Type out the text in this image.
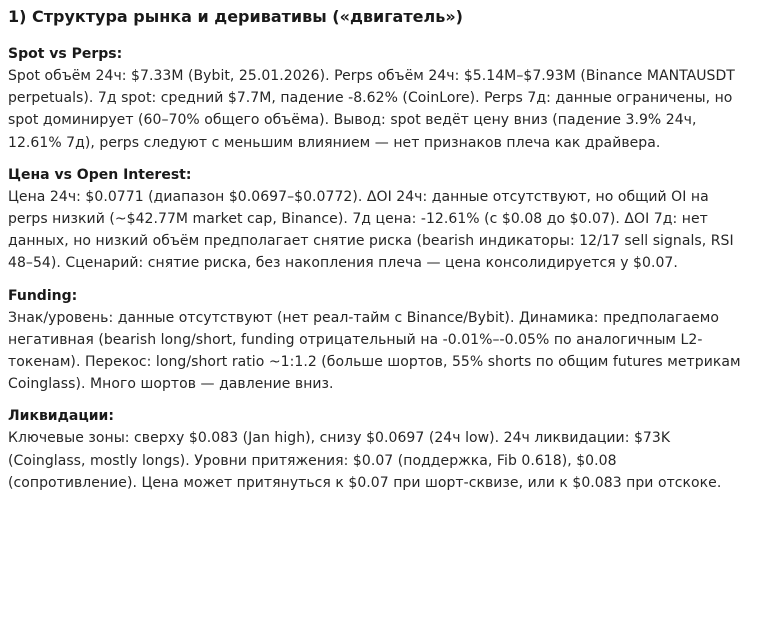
1) Структура рынка и деривативы («двигатель»)
Spot vs Perps:

Spot объём 24ч: $7.33M (Bybit, 25.01.2026). Perps объём 24ч: $5.14M–$7.93M (Binance MANTAUSDT perpetuals). 7д spot: средний $7.7M, падение -8.62% (CoinLore). Perps 7д: данные ограничены, но spot доминирует (60–70% общего объёма). Вывод: spot ведёт цену вниз (падение 3.9% 24ч, 12.61% 7д), perps следуют с меньшим влиянием — нет признаков плеча как драйвера.

Цена vs Open Interest:

Цена 24ч: $0.0771 (диапазон $0.0697–$0.0772). ΔOI 24ч: данные отсутствуют, но общий OI на perps низкий (~$42.77M market cap, Binance). 7д цена: -12.61% (с $0.08 до $0.07). ΔOI 7д: нет данных, но низкий объём предполагает снятие риска (bearish индикаторы: 12/17 sell signals, RSI 48–54). Сценарий: снятие риска, без накопления плеча — цена консолидируется у $0.07.

Funding:

Знак/уровень: данные отсутствуют (нет реал-тайм с Binance/Bybit). Динамика: предполагаемо негативная (bearish long/short, funding отрицательный на -0.01%–-0.05% по аналогичным L2-токенам). Перекос: long/short ratio ~1:1.2 (больше шортов, 55% shorts по общим futures метрикам Coinglass). Много шортов — давление вниз.

Ликвидации:

Ключевые зоны: сверху $0.083 (Jan high), снизу $0.0697 (24ч low). 24ч ликвидации: $73K (Coinglass, mostly longs). Уровни притяжения: $0.07 (поддержка, Fib 0.618), $0.08 (сопротивление). Цена может притянуться к $0.07 при шорт-сквизе, или к $0.083 при отскоке.
